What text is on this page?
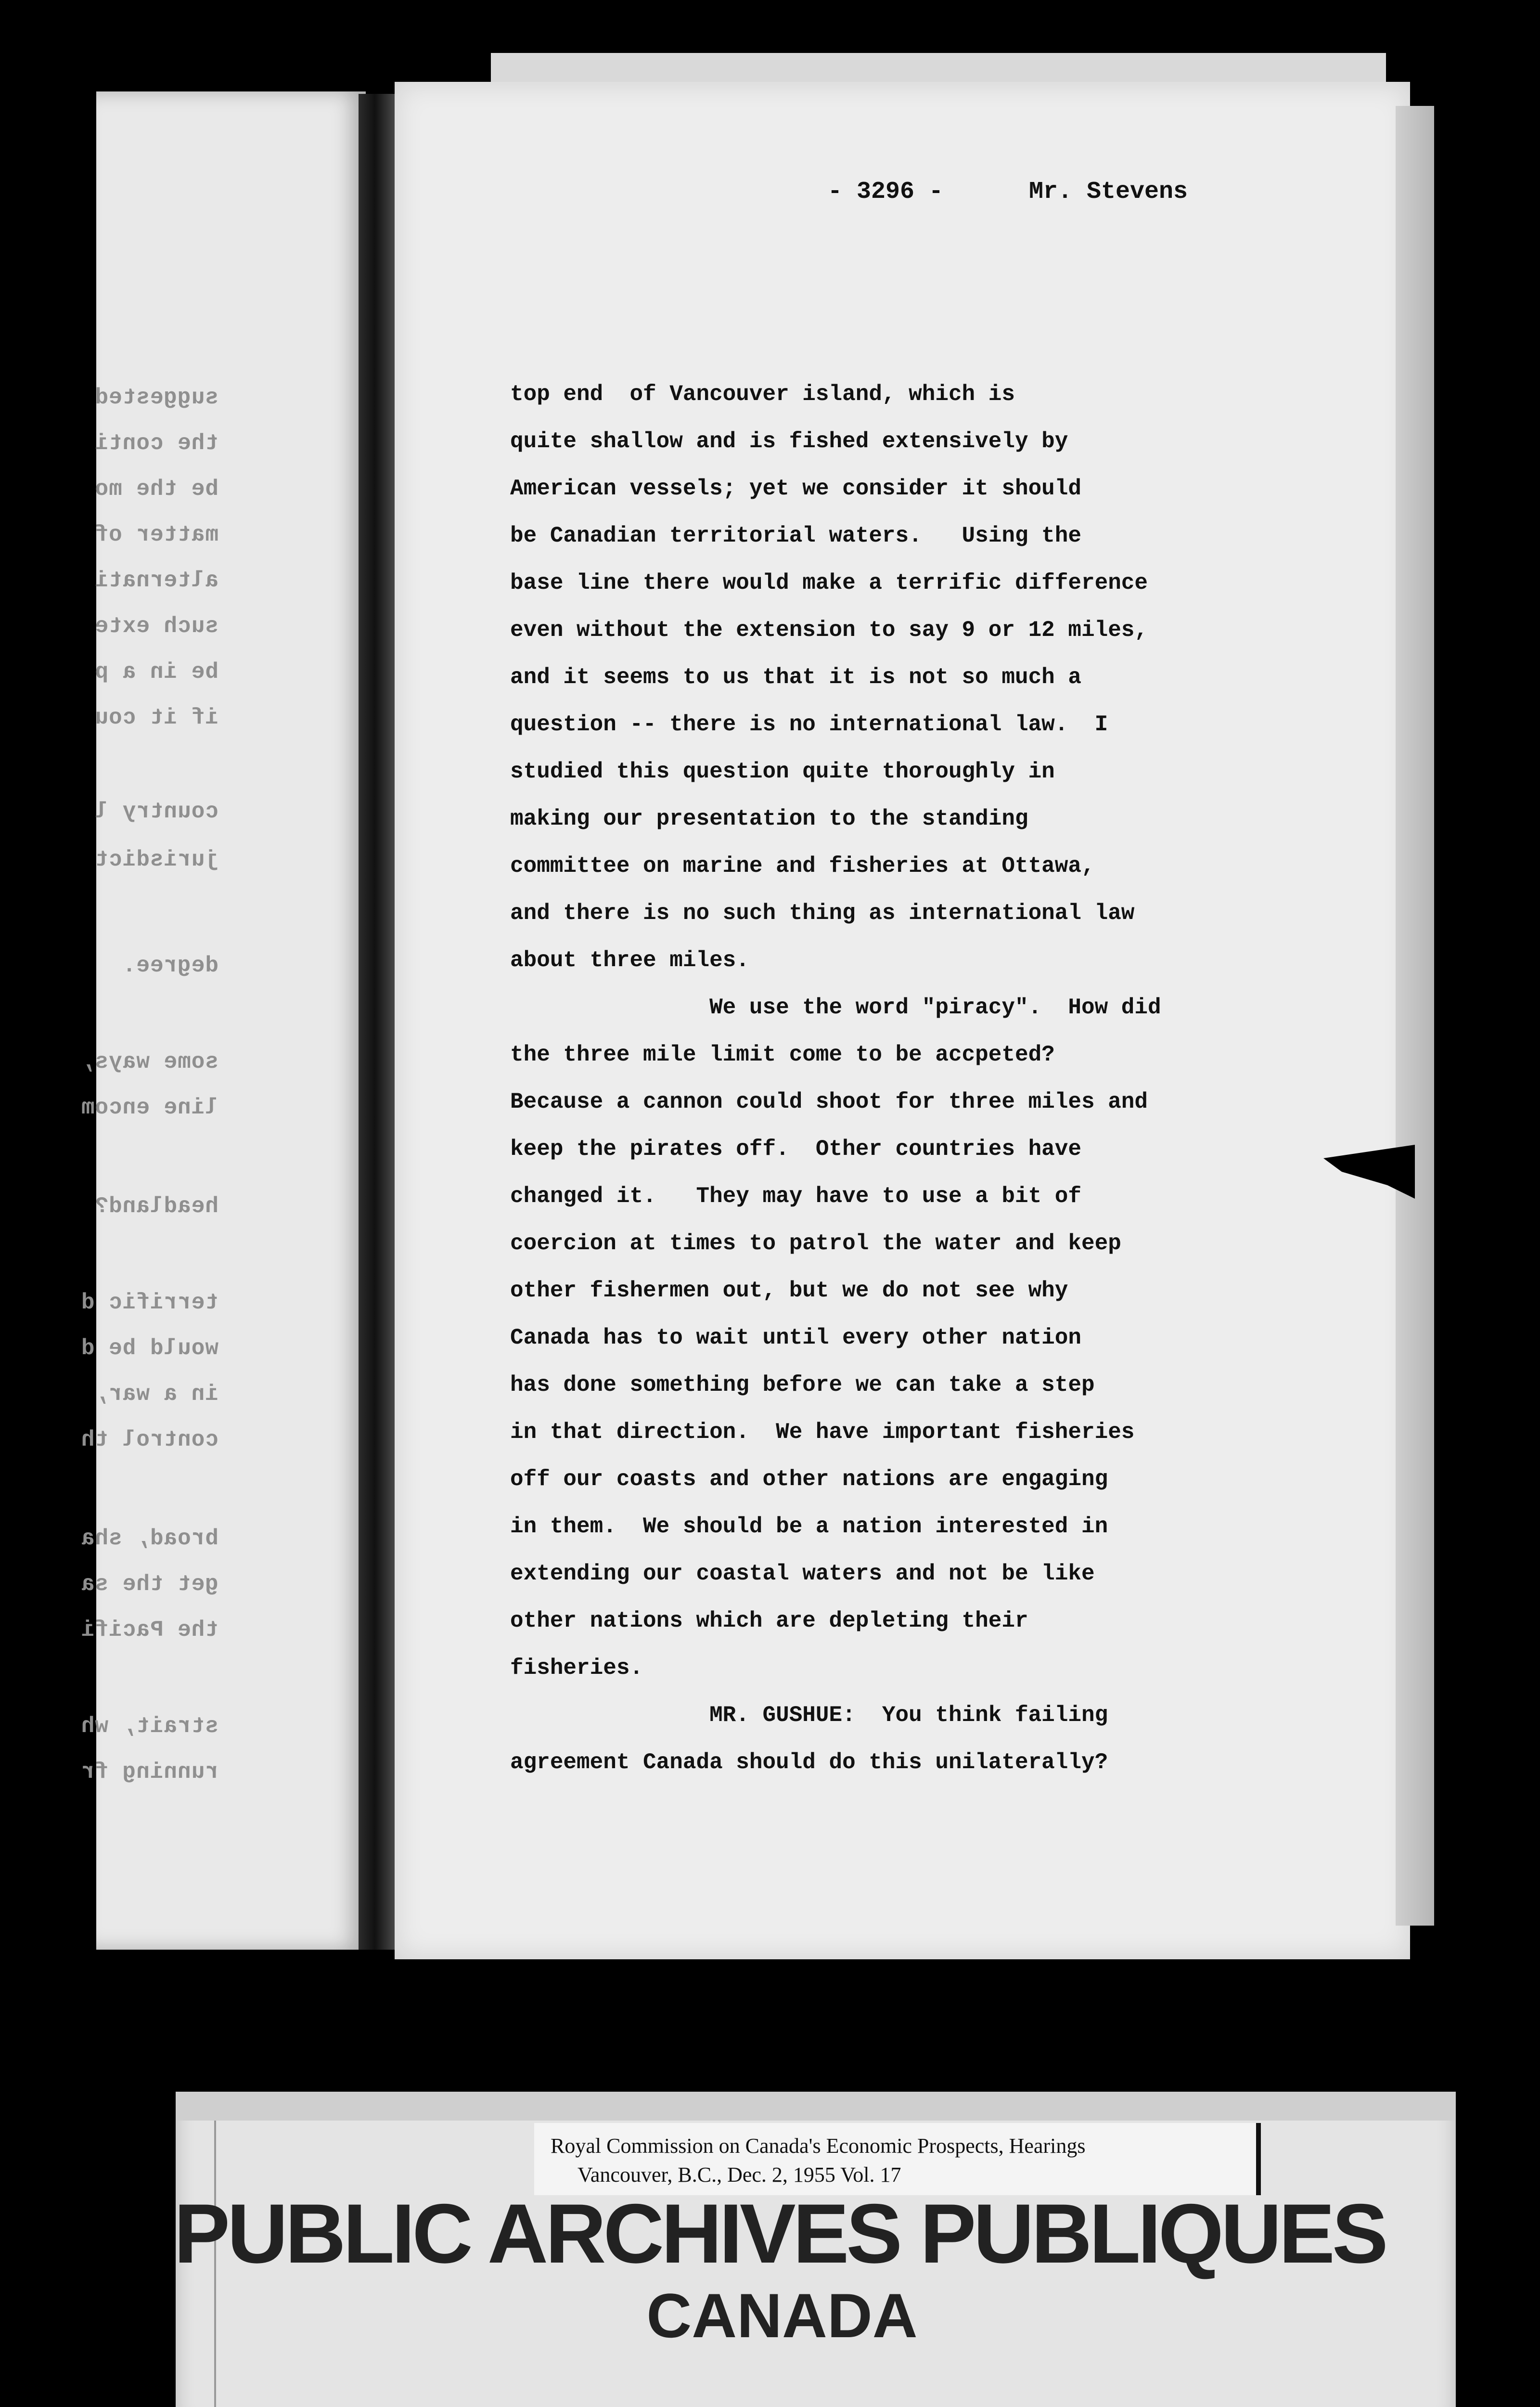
suggested
the conti
be the mo
matter of
alternati
such exte
be in a p
if it cou
country l
jurisdict
degree.
some ways,
line encom
headland?
terrific d
would be d
in a war,
control th
broad, sha
get the sa
the Pacifi
strait, wh
running fr
- 3296 -	Mr. Stevens
top end  of Vancouver island, which is
quite shallow and is fished extensively by
American vessels; yet we consider it should
be Canadian territorial waters.   Using the
base line there would make a terrific difference
even without the extension to say 9 or 12 miles,
and it seems to us that it is not so much a
question -- there is no international law.  I
studied this question quite thoroughly in
making our presentation to the standing
committee on marine and fisheries at Ottawa,
and there is no such thing as international law
about three miles.
We use the word "piracy".  How did
the three mile limit come to be accpeted?
Because a cannon could shoot for three miles and
keep the pirates off.  Other countries have
changed it.   They may have to use a bit of
coercion at times to patrol the water and keep
other fishermen out, but we do not see why
Canada has to wait until every other nation
has done something before we can take a step
in that direction.  We have important fisheries
off our coasts and other nations are engaging
in them.  We should be a nation interested in
extending our coastal waters and not be like
other nations which are depleting their
fisheries.
MR. GUSHUE:  You think failing
agreement Canada should do this unilaterally?
Royal Commission on Canada's Economic Prospects, Hearings
Vancouver, B.C., Dec. 2, 1955 Vol. 17
PUBLIC ARCHIVES PUBLIQUES
CANADA
